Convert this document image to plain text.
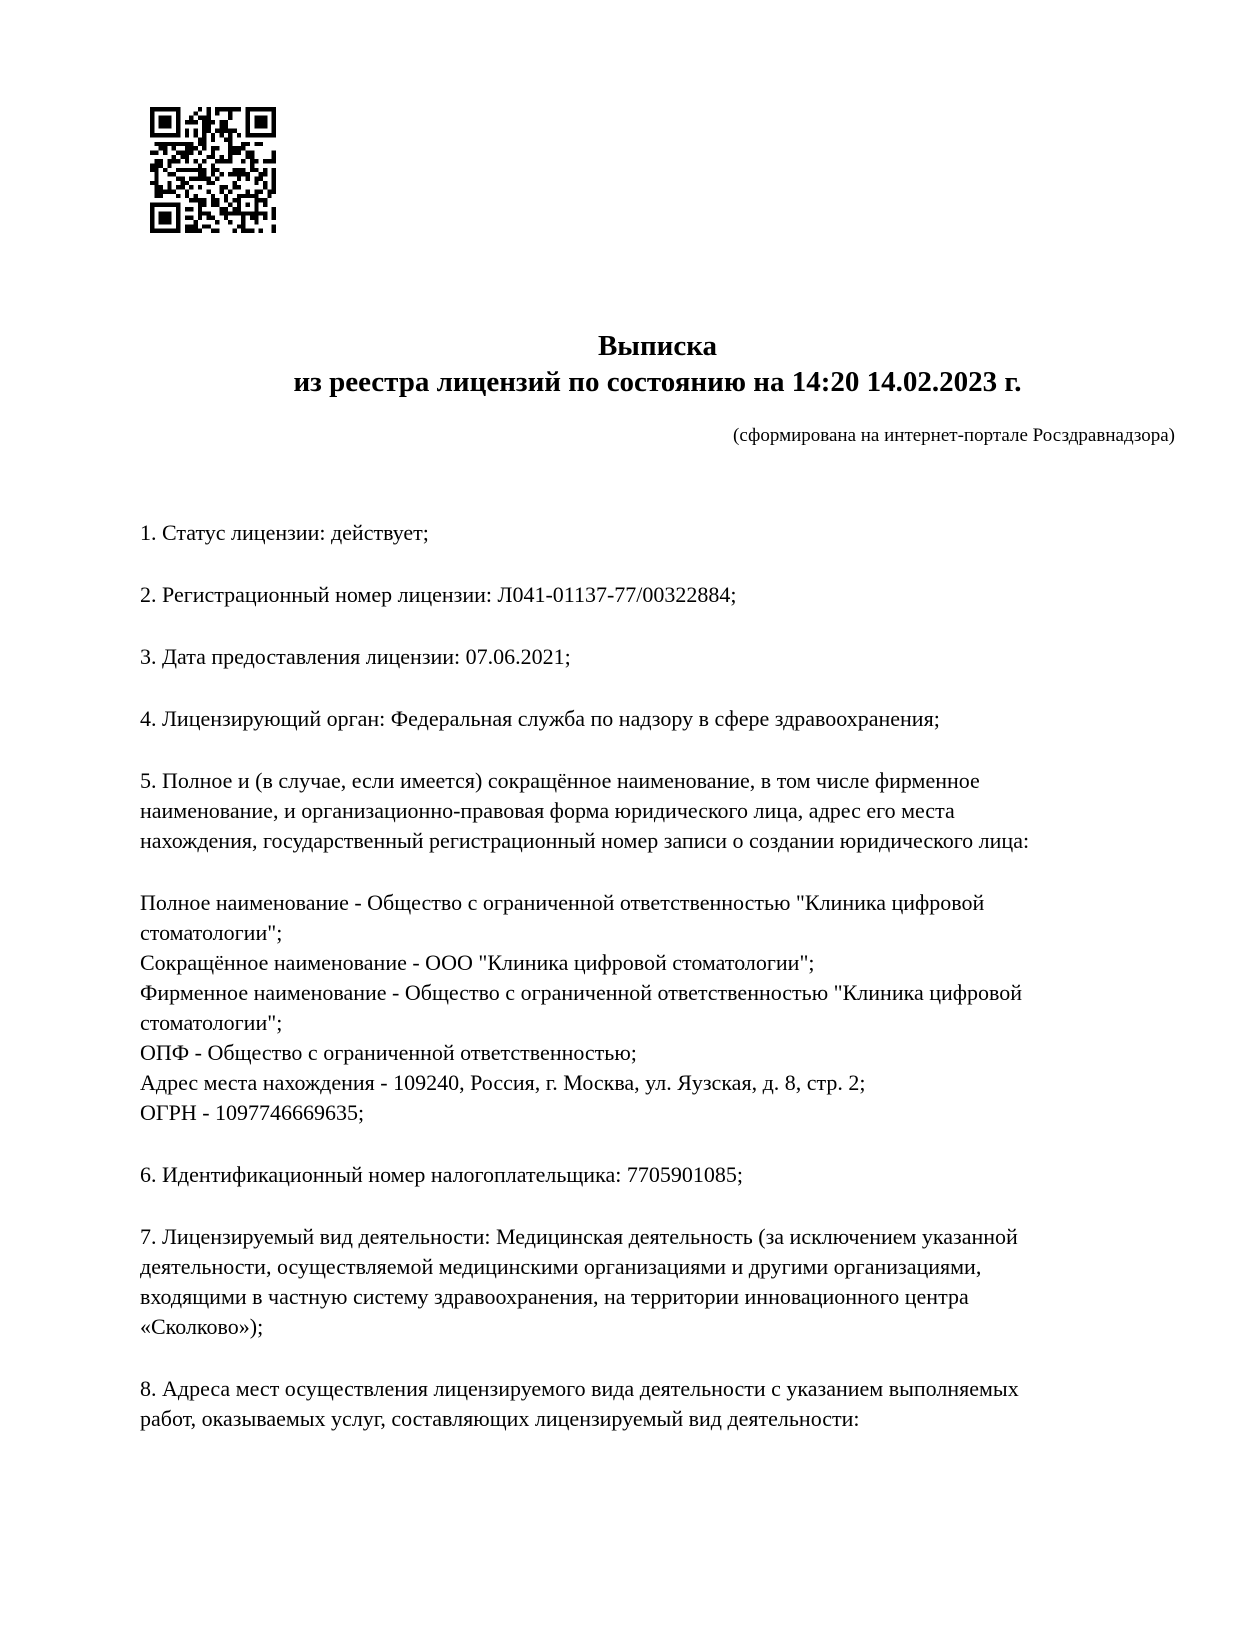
Выписка
из реестра лицензий по состоянию на 14:20 14.02.2023 г.
(сформирована на интернет-портале Росздравнадзора)
1. Статус лицензии: действует;
2. Регистрационный номер лицензии: Л041-01137-77/00322884;
3. Дата предоставления лицензии: 07.06.2021;
4. Лицензирующий орган: Федеральная служба по надзору в сфере здравоохранения;
5. Полное и (в случае, если имеется) сокращённое наименование, в том числе фирменное
наименование, и организационно-правовая форма юридического лица, адрес его места
нахождения, государственный регистрационный номер записи о создании юридического лица:
Полное наименование - Общество с ограниченной ответственностью "Клиника цифровой
стоматологии";
Сокращённое наименование - ООО "Клиника цифровой стоматологии";
Фирменное наименование - Общество с ограниченной ответственностью "Клиника цифровой
стоматологии";
ОПФ - Общество с ограниченной ответственностью;
Адрес места нахождения - 109240, Россия, г. Москва, ул. Яузская, д. 8, стр. 2;
ОГРН - 1097746669635;
6. Идентификационный номер налогоплательщика: 7705901085;
7. Лицензируемый вид деятельности: Медицинская деятельность (за исключением указанной
деятельности, осуществляемой медицинскими организациями и другими организациями,
входящими в частную систему здравоохранения, на территории инновационного центра
«Сколково»);
8. Адреса мест осуществления лицензируемого вида деятельности с указанием выполняемых
работ, оказываемых услуг, составляющих лицензируемый вид деятельности:
